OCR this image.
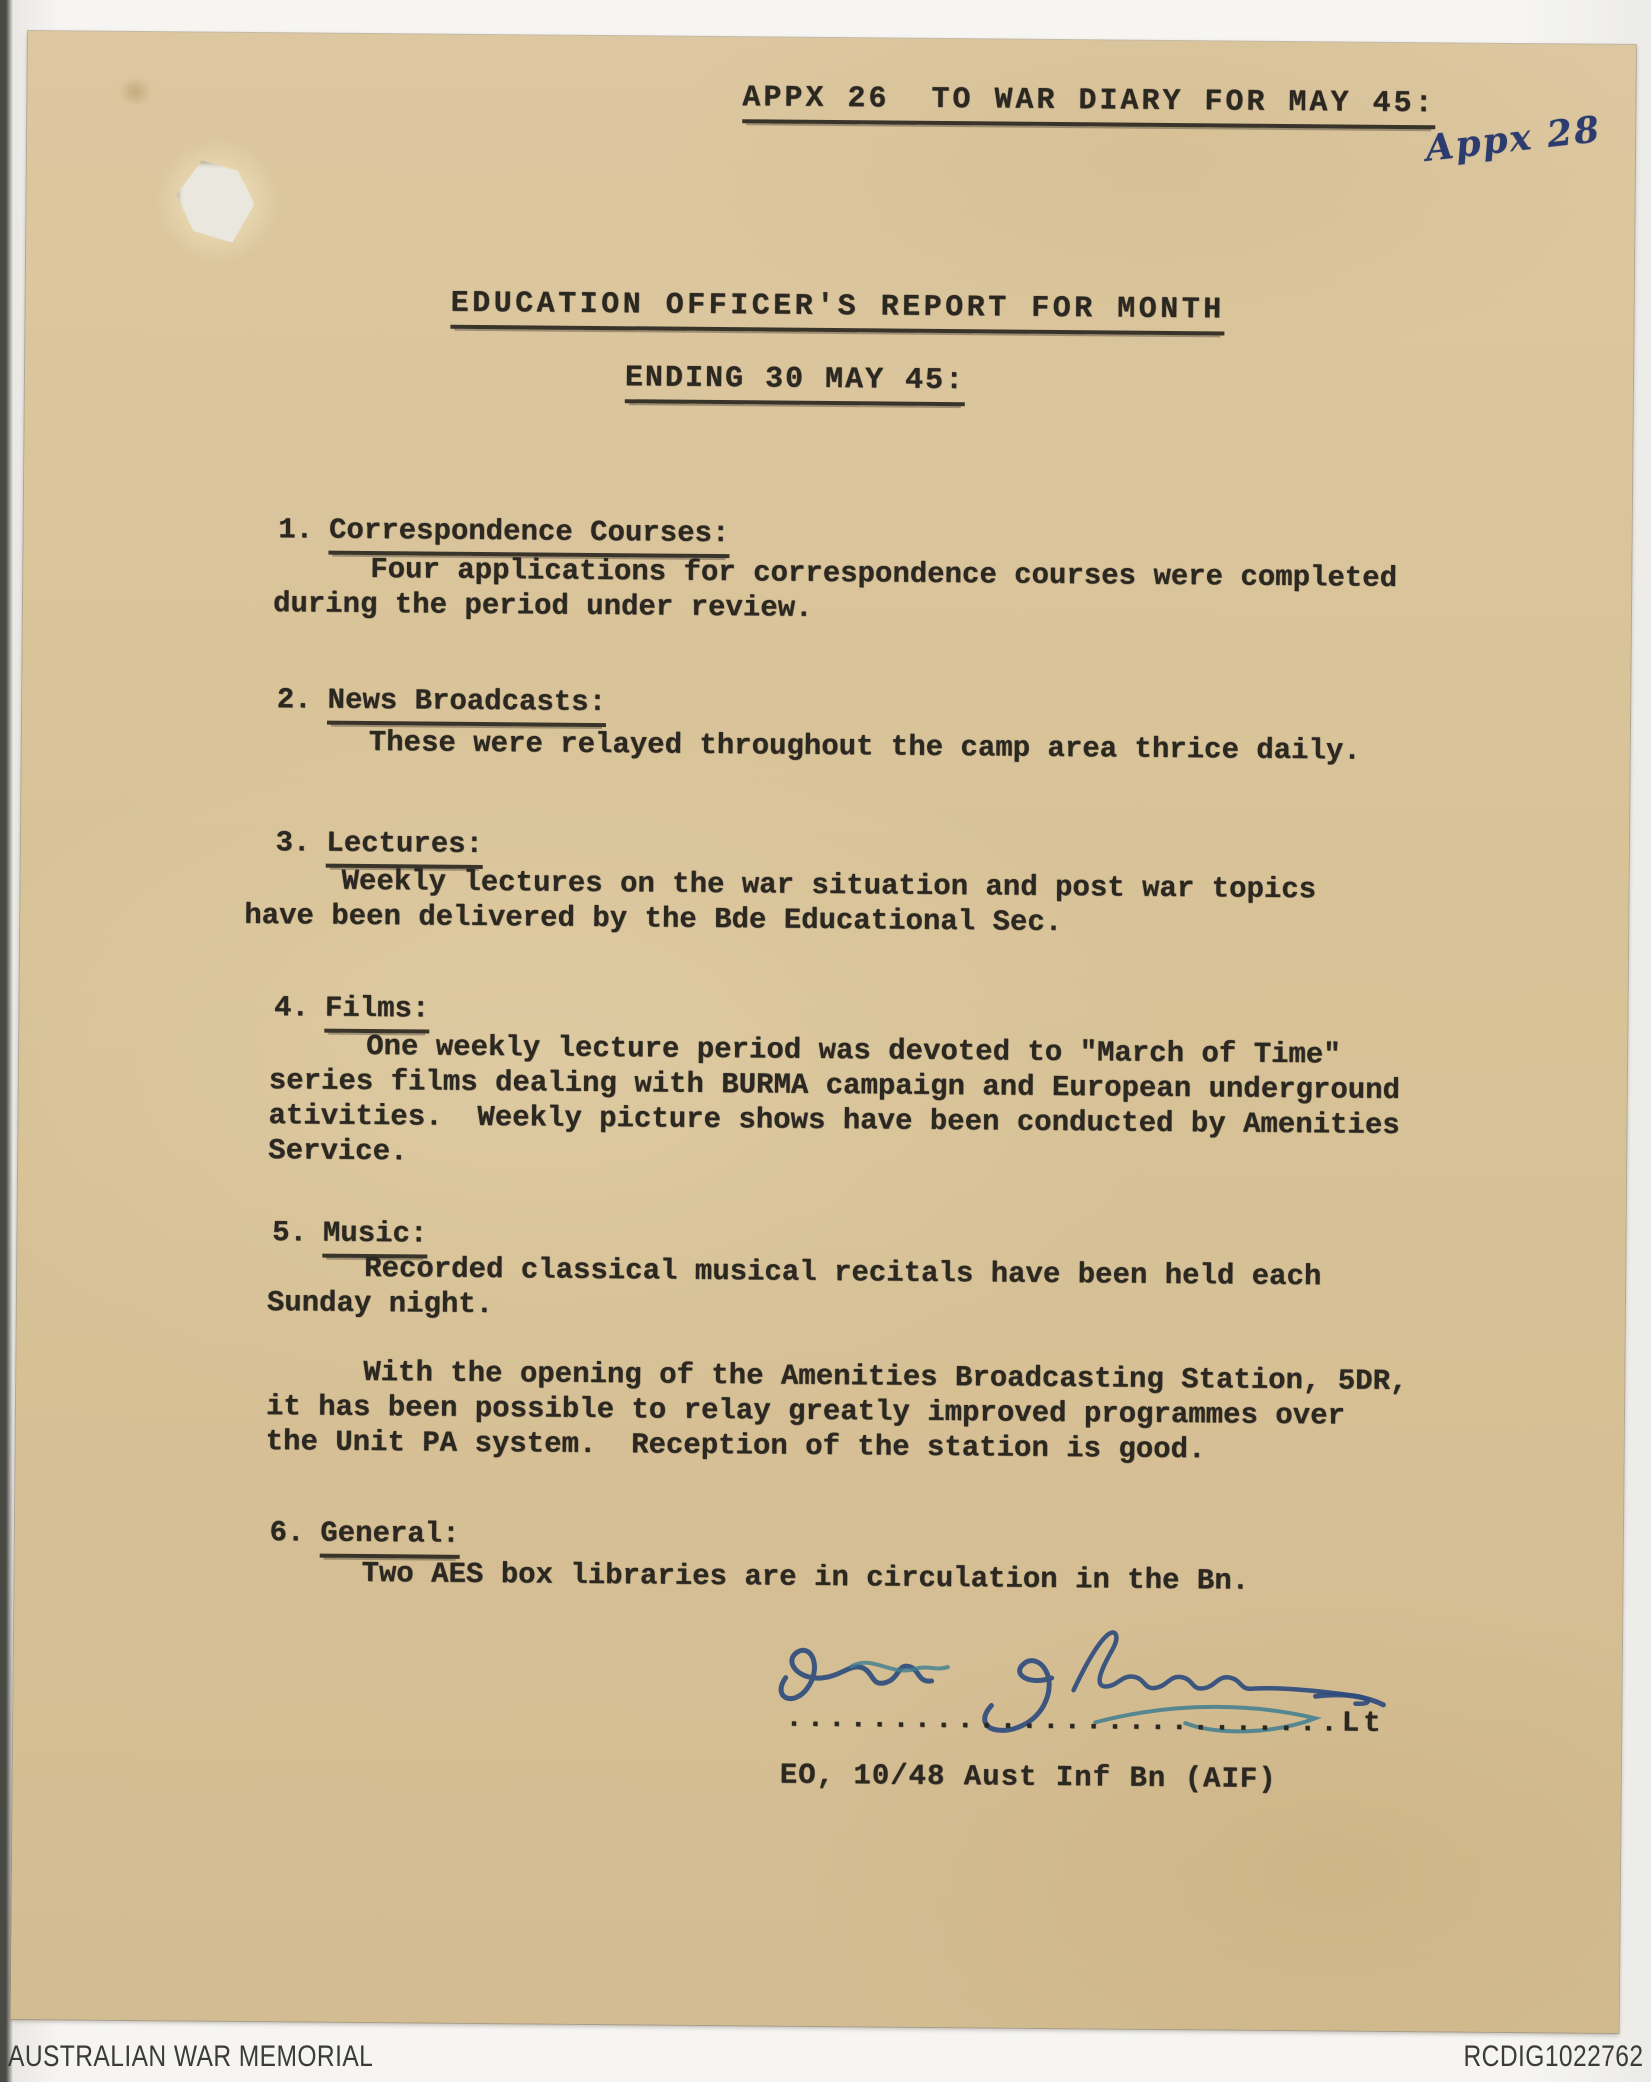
APPX 26  TO WAR DIARY FOR MAY 45:
Appx 28
EDUCATION OFFICER'S REPORT FOR MONTH
ENDING 30 MAY 45:

1. Correspondence Courses:

Four applications for correspondence courses were completed
during the period under review.

2. News Broadcasts:

These were relayed throughout the camp area thrice daily.

3. Lectures:

Weekly lectures on the war situation and post war topics
have been delivered by the Bde Educational Sec.

4. Films:

One weekly lecture period was devoted to "March of Time"
series films dealing with BURMA campaign and European underground
ativities.  Weekly picture shows have been conducted by Amenities
Service.

5. Music:

Recorded classical musical recitals have been held each
Sunday night.
With the opening of the Amenities Broadcasting Station, 5DR,
it has been possible to relay greatly improved programmes over
the Unit PA system.  Reception of the station is good.

6. General:

Two AES box libraries are in circulation in the Bn.
..........................Lt
EO, 10/48 Aust Inf Bn (AIF)
AUSTRALIAN WAR MEMORIAL	RCDIG1022762
